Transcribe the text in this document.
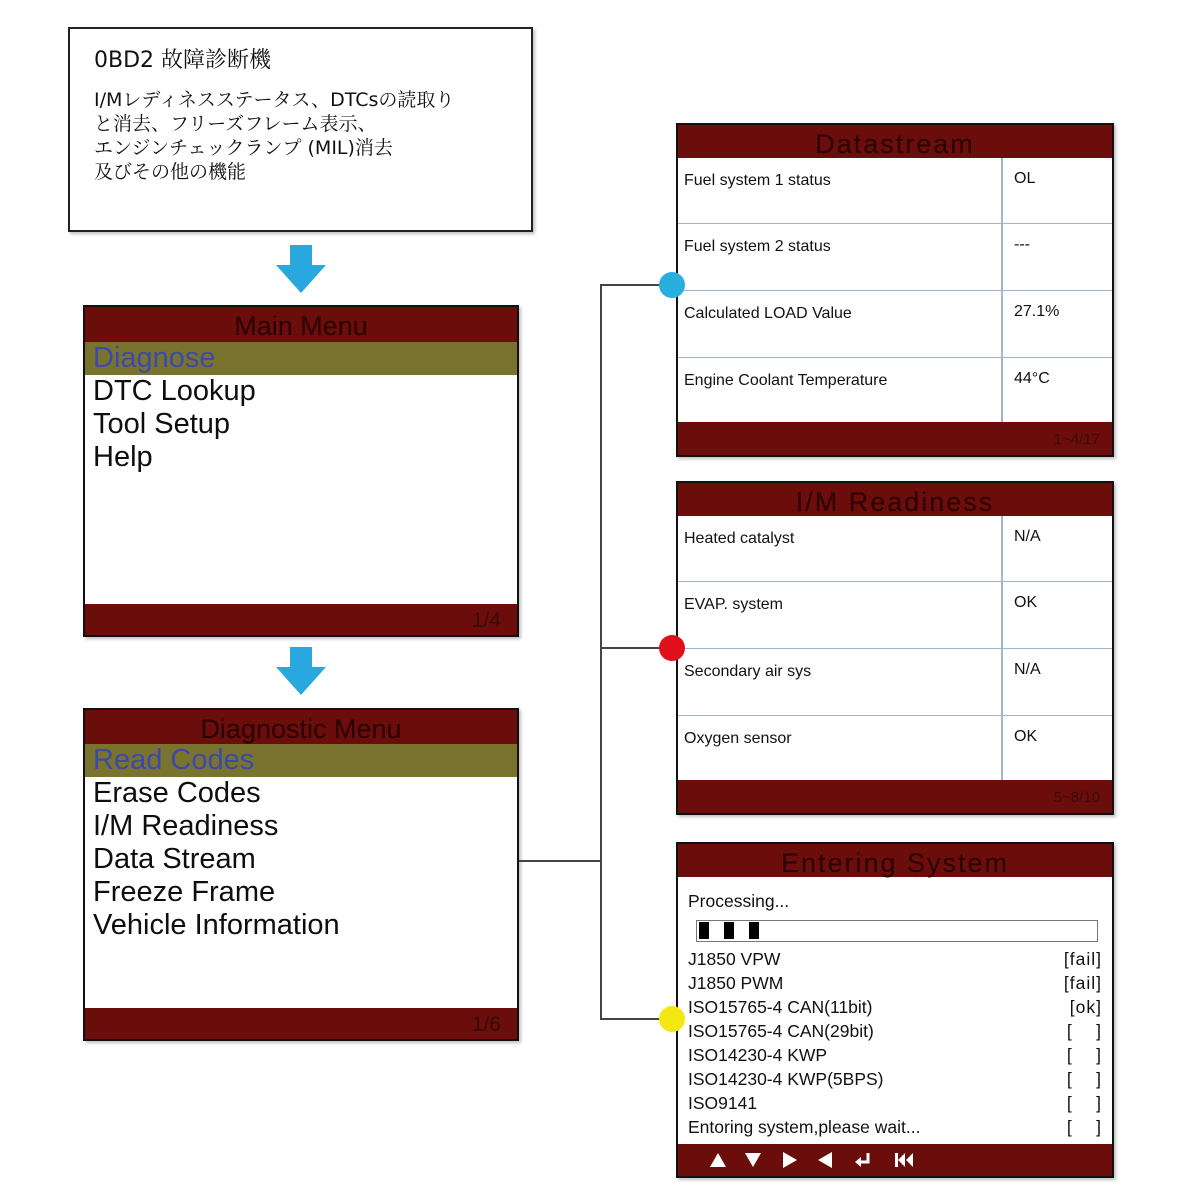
0BD2 故障診断機
I/Mレディネスステータス、DTCsの読取り
と消去、フリーズフレーム表示、
エンジンチェックランプ (MIL)消去
及びその他の機能
Main Menu
Diagnose
DTC Lookup
Tool Setup
Help
1/4
Diagnostic Menu
Read Codes
Erase Codes
I/M Readiness
Data Stream
Freeze Frame
Vehicle Information
1/6
Datastream
Fuel system 1 status	OL
Fuel system 2 status	---
Calculated LOAD Value	27.1%
Engine Coolant Temperature	44°C
1~4/17
I/M Readiness
Heated catalyst	N/A
EVAP. system	OK
Secondary air sys	N/A
Oxygen sensor	OK
5~8/10
Entering System
Processing...
J1850 VPW	[fail]
J1850 PWM	[fail]
ISO15765-4 CAN(11bit)	[ok]
ISO15765-4 CAN(29bit)	[    ]
ISO14230-4 KWP	[    ]
ISO14230-4 KWP(5BPS)	[    ]
ISO9141	[    ]
Entoring system,please wait...	[    ]
